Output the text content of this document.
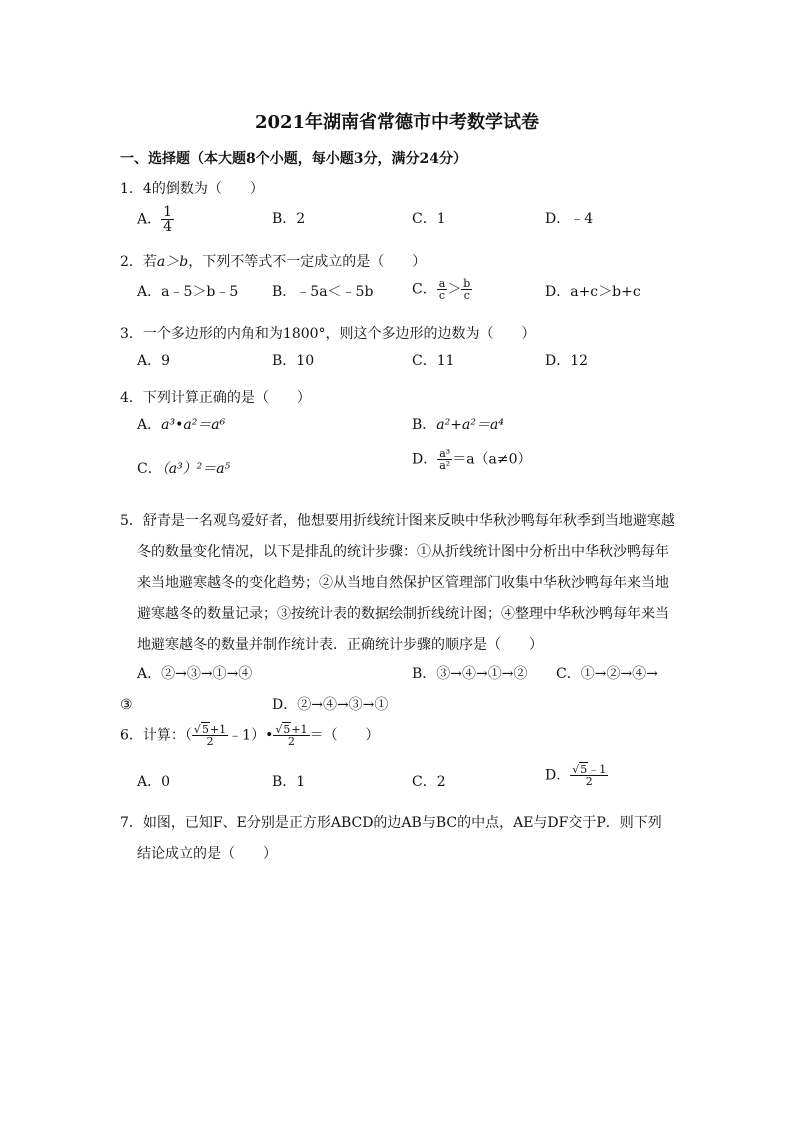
2021年湖南省常德市中考数学试卷
一、选择题（本大题8个小题，每小题3分，满分24分）
1．4的倒数为（　　）
A． $\frac{1}{4}$	B．2	C．1	D．﹣4
2．若a＞b，下列不等式不一定成立的是（　　）
A．a﹣5＞b﹣5 B．﹣5a＜﹣5b	C． $\frac{a}{c} > \frac{b}{c}$	D．a+c＞b+c
3．一个多边形的内角和为1800°，则这个多边形的边数为（　　）
A．9	B．10	C．11	D．12
4．下列计算正确的是（　　）
A．a³•a²＝a⁶	B．a²+a²＝a⁴
C．（a³）²＝a⁵
D． $\frac{\text{a³}}{\text{a²}} =a(a\ne 0)$
5．舒青是一名观鸟爱好者，他想要用折线统计图来反映中华秋沙鸭每年秋季到当地避寒越
冬的数量变化情况，以下是排乱的统计步骤：①从折线统计图中分析出中华秋沙鸭每年
来当地避寒越冬的变化趋势；②从当地自然保护区管理部门收集中华秋沙鸭每年来当地
避寒越冬的数量记录；③按统计表的数据绘制折线统计图；④整理中华秋沙鸭每年来当
地避寒越冬的数量并制作统计表．正确统计步骤的顺序是（　　）
A．②→③→①→④	B．③→④→①→② C．①→②→④→
③	D．②→④→③→①
6．计算：（ $\frac{√5+1}{2}$ ﹣1）• $\frac{√5+1}{2}$ ＝（　　）
A．0	B．1	C．2	D． $\frac{√5﹣1}{2}$
7．如图，已知F、E分别是正方形ABCD的边AB与BC的中点，AE与DF交于P．则下列
结论成立的是（　　）
